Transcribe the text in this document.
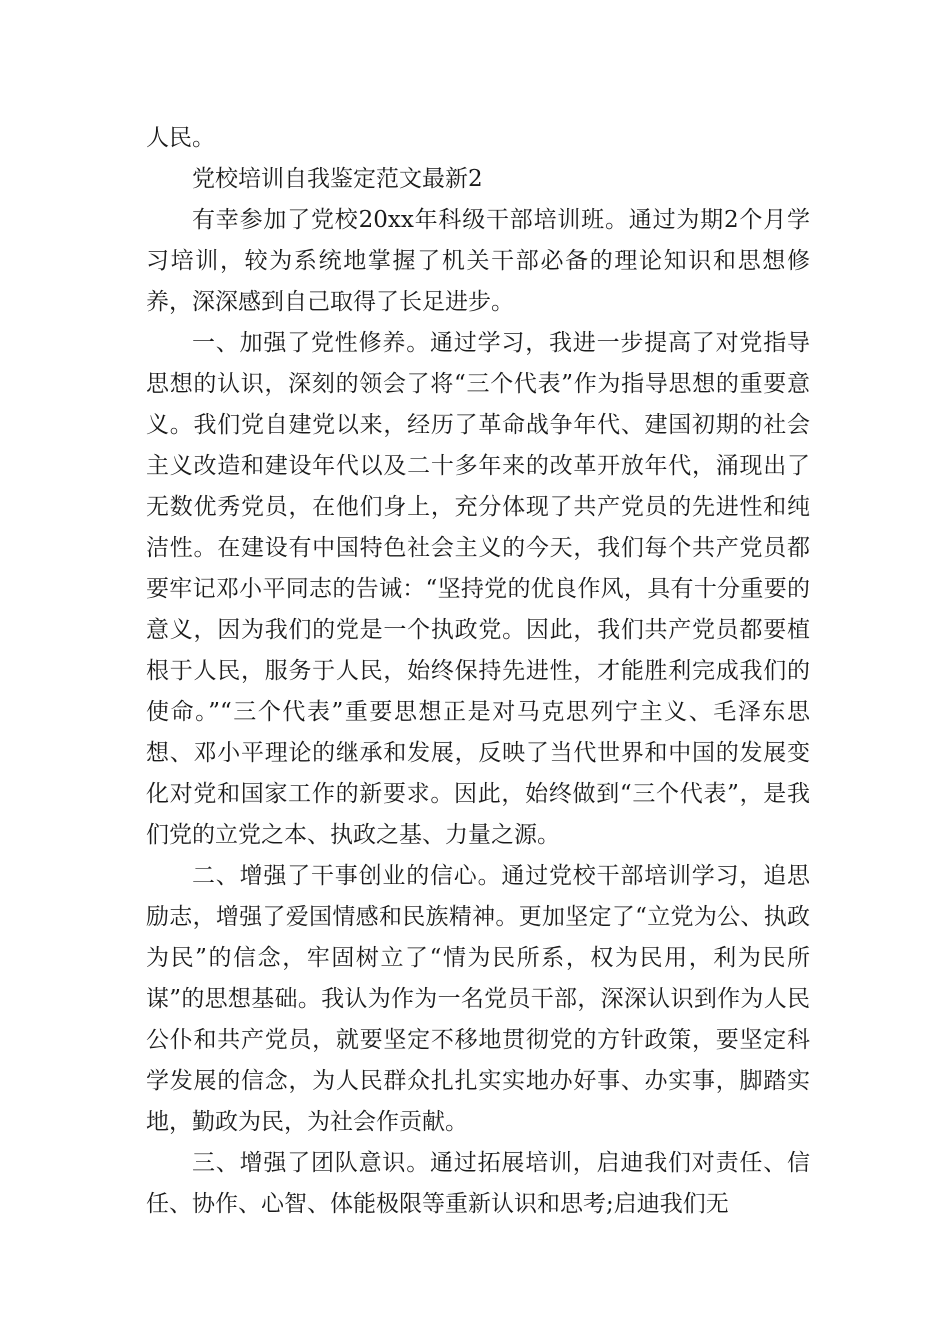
人民。

党校培训自我鉴定范文最新2

有幸参加了党校20xx年科级干部培训班。通过为期2个月学习培训，较为系统地掌握了机关干部必备的理论知识和思想修养，深深感到自己取得了长足进步。

一、加强了党性修养。通过学习，我进一步提高了对党指导思想的认识，深刻的领会了将“三个代表”作为指导思想的重要意义。我们党自建党以来，经历了革命战争年代、建国初期的社会主义改造和建设年代以及二十多年来的改革开放年代，涌现出了无数优秀党员，在他们身上，充分体现了共产党员的先进性和纯洁性。在建设有中国特色社会主义的今天，我们每个共产党员都要牢记邓小平同志的告诫：“坚持党的优良作风，具有十分重要的意义，因为我们的党是一个执政党。因此，我们共产党员都要植根于人民，服务于人民，始终保持先进性，才能胜利完成我们的使命。”“三个代表”重要思想正是对马克思列宁主义、毛泽东思想、邓小平理论的继承和发展，反映了当代世界和中国的发展变化对党和国家工作的新要求。因此，始终做到“三个代表”，是我们党的立党之本、执政之基、力量之源。

二、增强了干事创业的信心。通过党校干部培训学习，追思励志，增强了爱国情感和民族精神。更加坚定了“立党为公、执政为民”的信念，牢固树立了“情为民所系，权为民用，利为民所谋”的思想基础。我认为作为一名党员干部，深深认识到作为人民公仆和共产党员，就要坚定不移地贯彻党的方针政策，要坚定科学发展的信念，为人民群众扎扎实实地办好事、办实事，脚踏实地，勤政为民，为社会作贡献。

三、增强了团队意识。通过拓展培训，启迪我们对责任、信任、协作、心智、体能极限等重新认识和思考;启迪我们无
